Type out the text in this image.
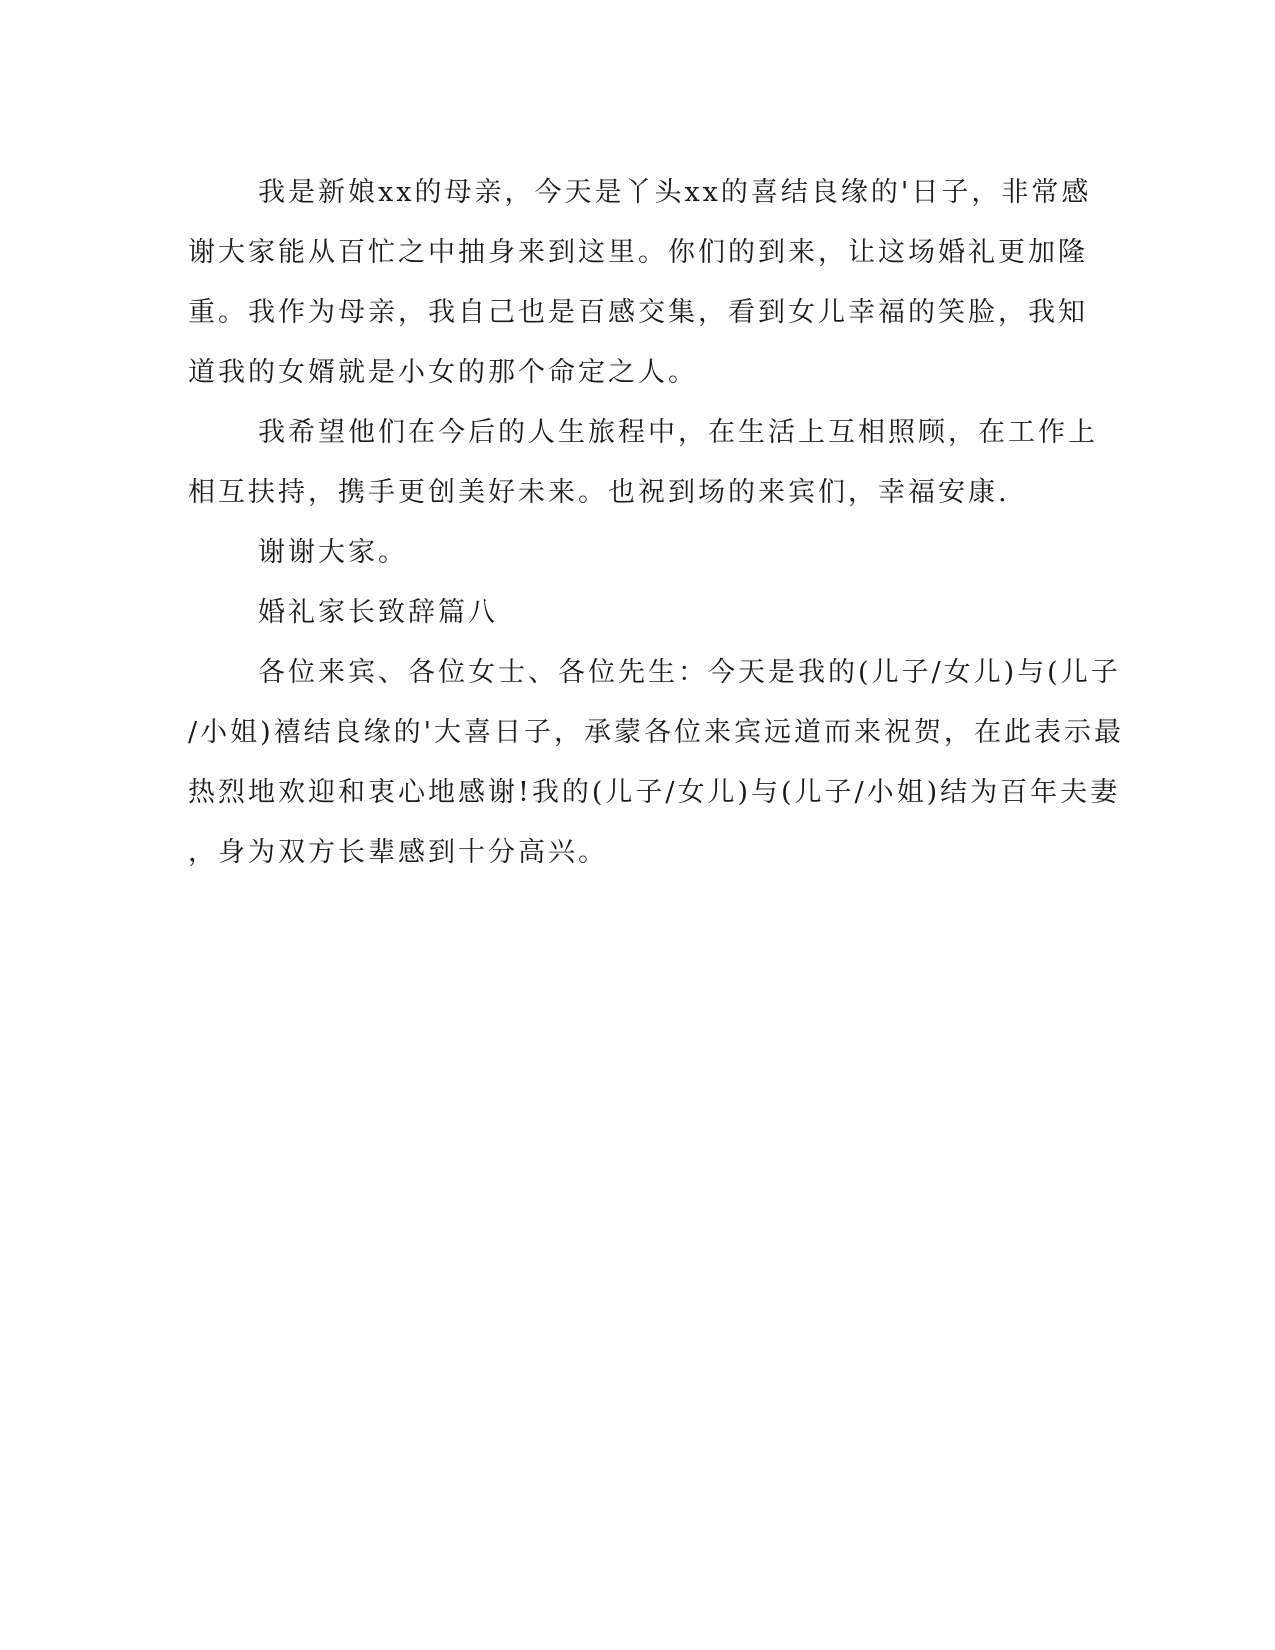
我是新娘xx的母亲，今天是丫头xx的喜结良缘的'日子，非常感
谢大家能从百忙之中抽身来到这里。你们的到来，让这场婚礼更加隆
重。我作为母亲，我自己也是百感交集，看到女儿幸福的笑脸，我知
道我的女婿就是小女的那个命定之人。
我希望他们在今后的人生旅程中，在生活上互相照顾，在工作上
相互扶持，携手更创美好未来。也祝到场的来宾们，幸福安康.
谢谢大家。
婚礼家长致辞篇八
各位来宾、各位女士、各位先生：今天是我的(儿子/女儿)与(儿子
/小姐)禧结良缘的'大喜日子，承蒙各位来宾远道而来祝贺，在此表示最
热烈地欢迎和衷心地感谢!我的(儿子/女儿)与(儿子/小姐)结为百年夫妻
，身为双方长辈感到十分高兴。
